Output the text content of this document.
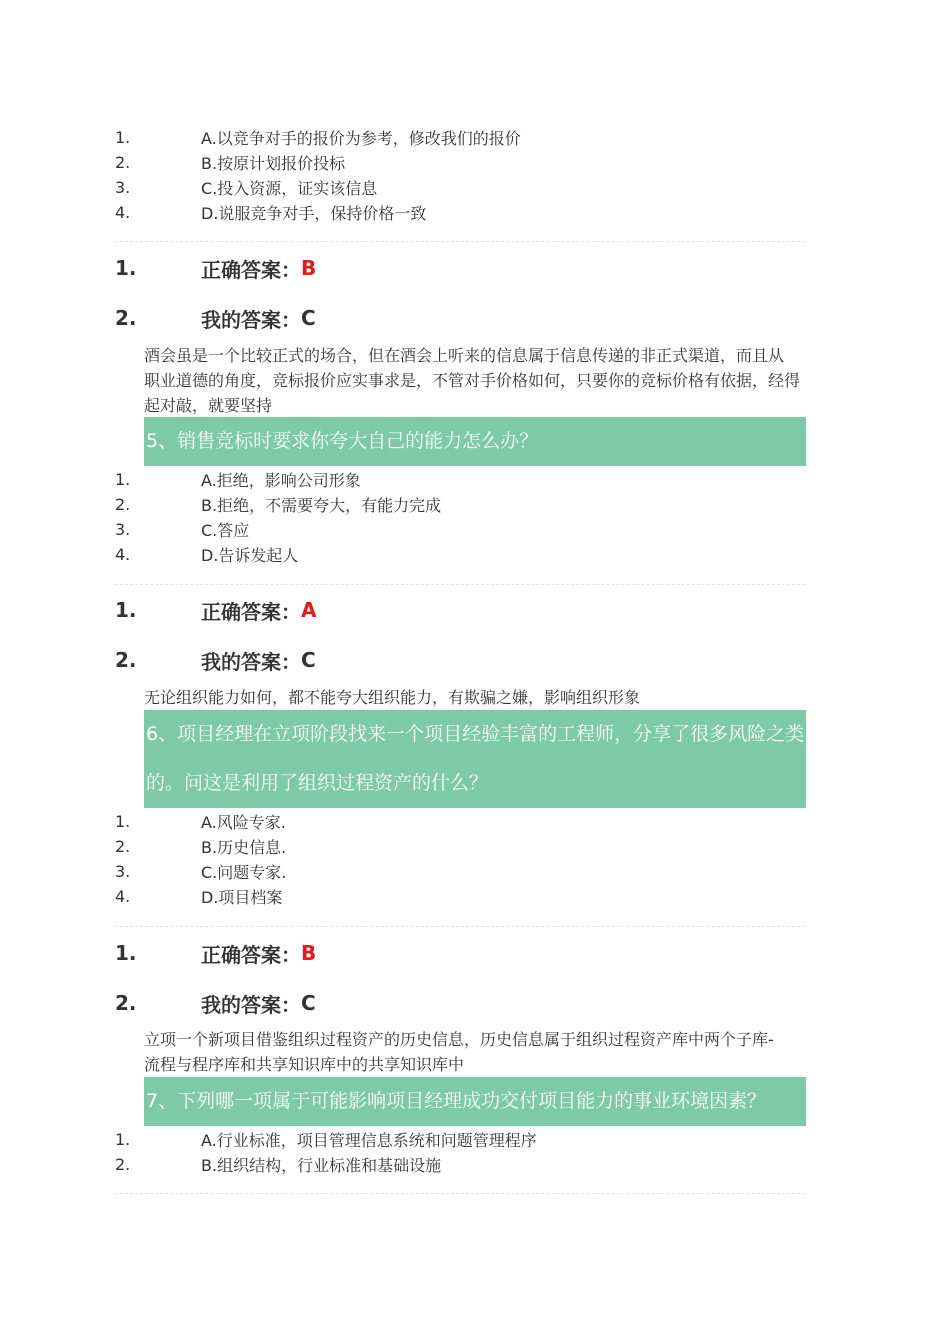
1.	A.以竞争对手的报价为参考，修改我们的报价
2.	B.按原计划报价投标
3.	C.投入资源，证实该信息
4.	D.说服竞争对手，保持价格一致
1.	正确答案： B
2.	我的答案： C
酒会虽是一个比较正式的场合，但在酒会上听来的信息属于信息传递的非正式渠道，而且从
职业道德的角度，竞标报价应实事求是，不管对手价格如何，只要你的竞标价格有依据，经得
起对敲，就要坚持
5、销售竞标时要求你夸大自己的能力怎么办？
1.	A.拒绝，影响公司形象
2.	B.拒绝，不需要夸大，有能力完成
3.	C.答应
4.	D.告诉发起人
1.	正确答案： A
2.	我的答案： C
无论组织能力如何，都不能夸大组织能力，有欺骗之嫌，影响组织形象
6、项目经理在立项阶段找来一个项目经验丰富的工程师，分享了很多风险之类
的。问这是利用了组织过程资产的什么？
1.	A.风险专家.
2.	B.历史信息.
3.	C.问题专家.
4.	D.项目档案
1.	正确答案： B
2.	我的答案： C
立项一个新项目借鉴组织过程资产的历史信息，历史信息属于组织过程资产库中两个子库-
流程与程序库和共享知识库中的共享知识库中
7、下列哪一项属于可能影响项目经理成功交付项目能力的事业环境因素？
1.	A.行业标准，项目管理信息系统和问题管理程序
2.	B.组织结构，行业标准和基础设施
